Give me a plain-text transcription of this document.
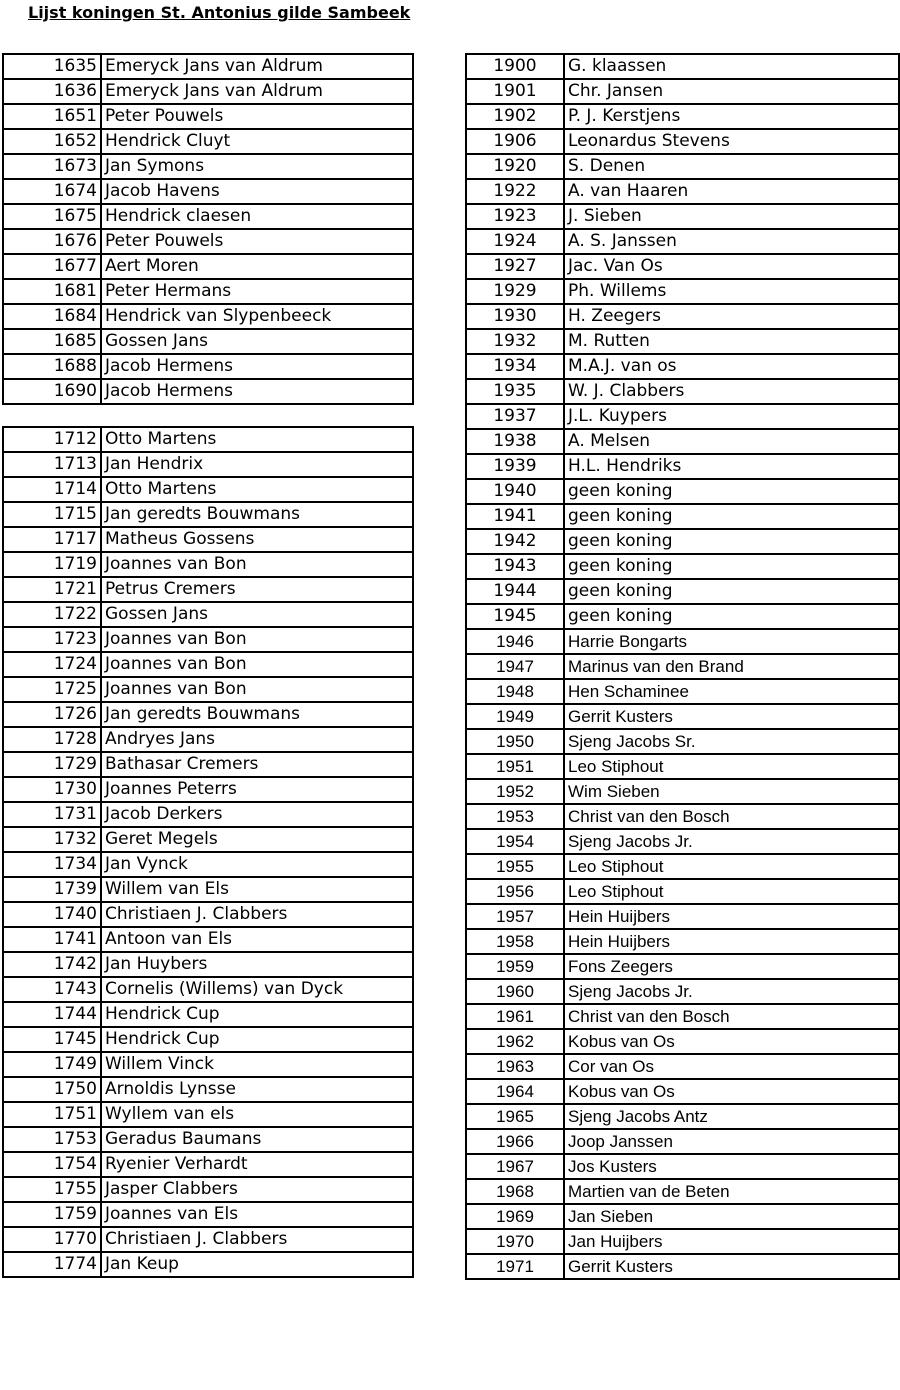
Lijst koningen St. Antonius gilde Sambeek
1635	Emeryck Jans van Aldrum
1636	Emeryck Jans van Aldrum
1651	Peter Pouwels
1652	Hendrick Cluyt
1673	Jan Symons
1674	Jacob Havens
1675	Hendrick claesen
1676	Peter Pouwels
1677	Aert Moren
1681	Peter Hermans
1684	Hendrick van Slypenbeeck
1685	Gossen Jans
1688	Jacob Hermens
1690	Jacob Hermens

1712	Otto Martens
1713	Jan Hendrix
1714	Otto Martens
1715	Jan geredts Bouwmans
1717	Matheus Gossens
1719	Joannes van Bon
1721	Petrus Cremers
1722	Gossen Jans
1723	Joannes van Bon
1724	Joannes van Bon
1725	Joannes van Bon
1726	Jan geredts Bouwmans
1728	Andryes Jans
1729	Bathasar Cremers
1730	Joannes Peterrs
1731	Jacob Derkers
1732	Geret Megels
1734	Jan Vynck
1739	Willem van Els
1740	Christiaen J. Clabbers
1741	Antoon van Els
1742	Jan Huybers
1743	Cornelis (Willems) van Dyck
1744	Hendrick Cup
1745	Hendrick Cup
1749	Willem Vinck
1750	Arnoldis Lynsse
1751	Wyllem van els
1753	Geradus Baumans
1754	Ryenier Verhardt
1755	Jasper Clabbers
1759	Joannes van Els
1770	Christiaen J. Clabbers
1774	Jan Keup
1900	G. klaassen
1901	Chr. Jansen
1902	P. J. Kerstjens
1906	Leonardus Stevens
1920	S. Denen
1922	A. van Haaren
1923	J. Sieben
1924	A. S. Janssen
1927	Jac. Van Os
1929	Ph. Willems
1930	H. Zeegers
1932	M. Rutten
1934	M.A.J. van os
1935	W. J. Clabbers
1937	J.L. Kuypers
1938	A. Melsen
1939	H.L. Hendriks
1940	geen koning
1941	geen koning
1942	geen koning
1943	geen koning
1944	geen koning
1945	geen koning
1946	Harrie Bongarts
1947	Marinus van den Brand
1948	Hen Schaminee
1949	Gerrit Kusters
1950	Sjeng Jacobs Sr.
1951	Leo Stiphout
1952	Wim Sieben
1953	Christ van den Bosch
1954	Sjeng Jacobs Jr.
1955	Leo Stiphout
1956	Leo Stiphout
1957	Hein Huijbers
1958	Hein Huijbers
1959	Fons Zeegers
1960	Sjeng Jacobs Jr.
1961	Christ van den Bosch
1962	Kobus van Os
1963	Cor van Os
1964	Kobus van Os
1965	Sjeng Jacobs Antz
1966	Joop Janssen
1967	Jos Kusters
1968	Martien van de Beten
1969	Jan Sieben
1970	Jan Huijbers
1971	Gerrit Kusters
